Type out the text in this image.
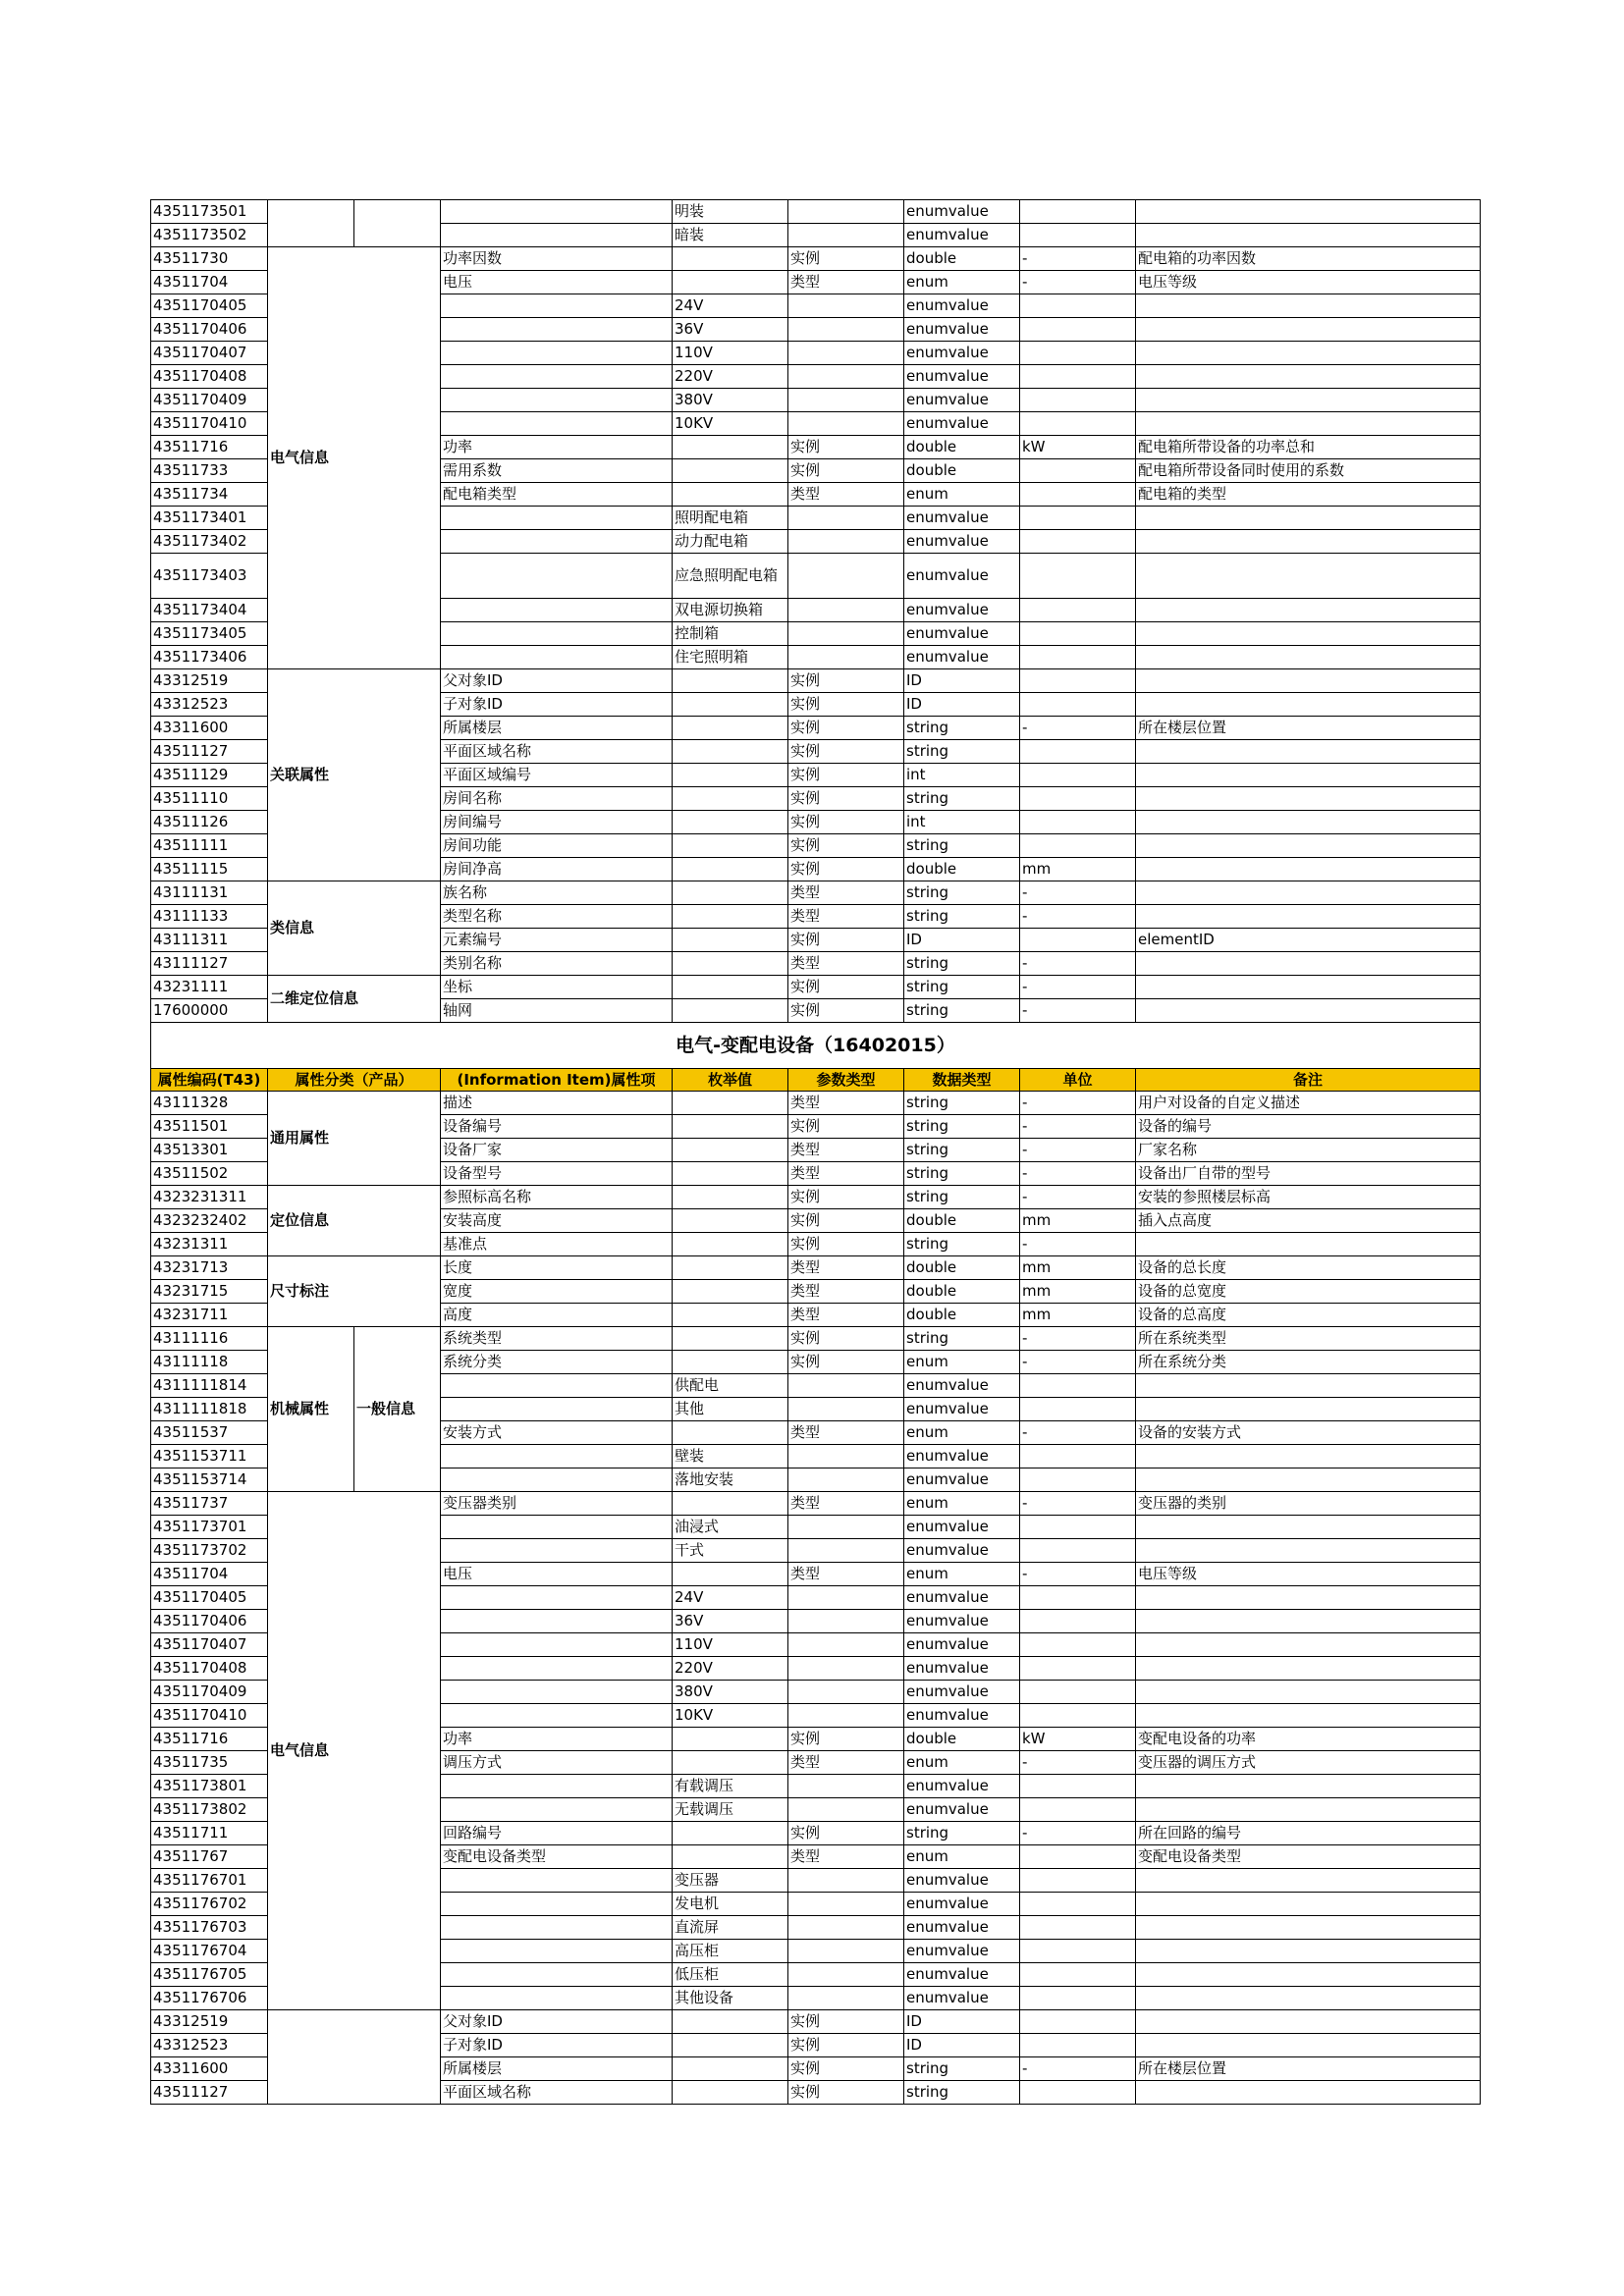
4351173501				明装		enumvalue		
4351173502				暗装		enumvalue		
43511730	电气信息		功率因数		实例	double	-	配电箱的功率因数
43511704			电压		类型	enum	-	电压等级
4351170405				24V		enumvalue		
4351170406				36V		enumvalue		
4351170407				110V		enumvalue		
4351170408				220V		enumvalue		
4351170409				380V		enumvalue		
4351170410				10KV		enumvalue		
43511716			功率		实例	double	kW	配电箱所带设备的功率总和
43511733			需用系数		实例	double		配电箱所带设备同时使用的系数
43511734			配电箱类型		类型	enum		配电箱的类型
4351173401				照明配电箱		enumvalue		
4351173402				动力配电箱		enumvalue		
4351173403				应急照明配电箱		enumvalue		
4351173404				双电源切换箱		enumvalue		
4351173405				控制箱		enumvalue		
4351173406				住宅照明箱		enumvalue		
43312519	关联属性		父对象ID		实例	ID		
43312523			子对象ID		实例	ID		
43311600			所属楼层		实例	string	-	所在楼层位置
43511127			平面区域名称		实例	string		
43511129			平面区域编号		实例	int		
43511110			房间名称		实例	string		
43511126			房间编号		实例	int		
43511111			房间功能		实例	string		
43511115			房间净高		实例	double	mm	
43111131	类信息		族名称		类型	string	-	
43111133			类型名称		类型	string	-	
43111311			元素编号		实例	ID		elementID
43111127			类别名称		类型	string	-	
43231111	二维定位信息		坐标		实例	string	-	
17600000			轴网		实例	string	-	
电气-变配电设备（16402015）								
属性编码(T43)	属性分类（产品）		(Information Item)属性项	枚举值	参数类型	数据类型	单位	备注
43111328	通用属性		描述		类型	string	-	用户对设备的自定义描述
43511501			设备编号		实例	string	-	设备的编号
43513301			设备厂家		类型	string	-	厂家名称
43511502			设备型号		类型	string	-	设备出厂自带的型号
4323231311	定位信息		参照标高名称		实例	string	-	安装的参照楼层标高
4323232402			安装高度		实例	double	mm	插入点高度
43231311			基准点		实例	string	-	
43231713	尺寸标注		长度		类型	double	mm	设备的总长度
43231715			宽度		类型	double	mm	设备的总宽度
43231711			高度		类型	double	mm	设备的总高度
43111116	机械属性	一般信息	系统类型		实例	string	-	所在系统类型
43111118			系统分类		实例	enum	-	所在系统分类
4311111814				供配电		enumvalue		
4311111818				其他		enumvalue		
43511537			安装方式		类型	enum	-	设备的安装方式
4351153711				壁装		enumvalue		
4351153714				落地安装		enumvalue		
43511737	电气信息		变压器类别		类型	enum	-	变压器的类别
4351173701				油浸式		enumvalue		
4351173702				干式		enumvalue		
43511704			电压		类型	enum	-	电压等级
4351170405				24V		enumvalue		
4351170406				36V		enumvalue		
4351170407				110V		enumvalue		
4351170408				220V		enumvalue		
4351170409				380V		enumvalue		
4351170410				10KV		enumvalue		
43511716			功率		实例	double	kW	变配电设备的功率
43511735			调压方式		类型	enum	-	变压器的调压方式
4351173801				有载调压		enumvalue		
4351173802				无载调压		enumvalue		
43511711			回路编号		实例	string	-	所在回路的编号
43511767			变配电设备类型		类型	enum		变配电设备类型
4351176701				变压器		enumvalue		
4351176702				发电机		enumvalue		
4351176703				直流屏		enumvalue		
4351176704				高压柜		enumvalue		
4351176705				低压柜		enumvalue		
4351176706				其他设备		enumvalue		
43312519			父对象ID		实例	ID		
43312523			子对象ID		实例	ID		
43311600			所属楼层		实例	string	-	所在楼层位置
43511127			平面区域名称		实例	string		
